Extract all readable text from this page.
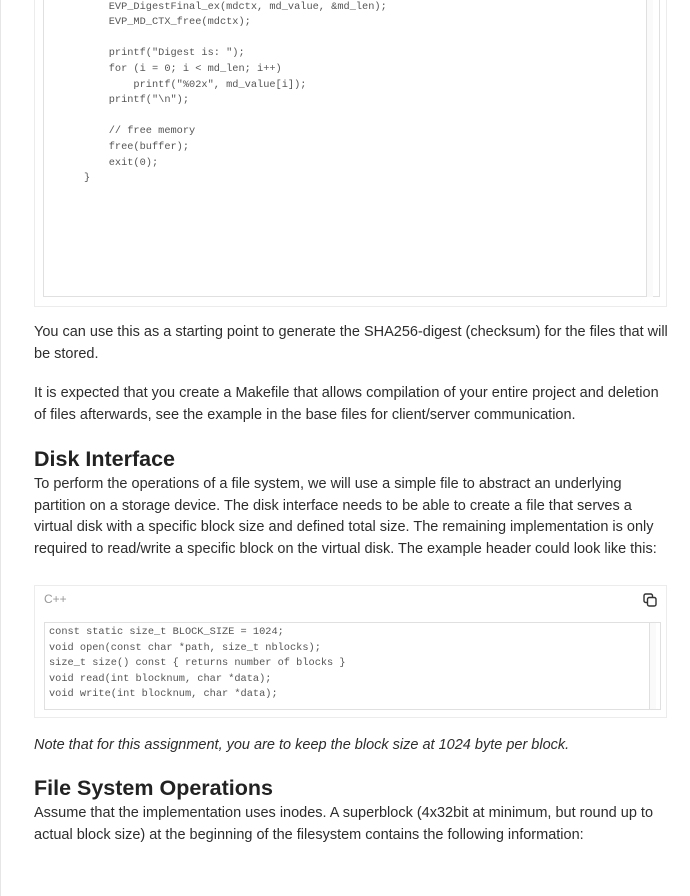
EVP_DigestFinal_ex(mdctx, md_value, &md_len);
EVP_MD_CTX_free(mdctx);

printf("Digest is: ");
for (i = 0; i < md_len; i++)
printf("%02x", md_value[i]);
printf("\n");

// free memory
free(buffer);
exit(0);
}

You can use this as a starting point to generate the SHA256-digest (checksum) for the files that will be stored.

It is expected that you create a Makefile that allows compilation of your entire project and deletion of files afterwards, see the example in the base files for client/server communication.

Disk Interface

To perform the operations of a file system, we will use a simple file to abstract an underlying partition on a storage device. The disk interface needs to be able to create a file that serves a virtual disk with a specific block size and defined total size. The remaining implementation is only required to read/write a specific block on the virtual disk. The example header could look like this:

C++
const static size_t BLOCK_SIZE = 1024;
void open(const char *path, size_t nblocks);
size_t size() const { returns number of blocks }
void read(int blocknum, char *data);
void write(int blocknum, char *data);

Note that for this assignment, you are to keep the block size at 1024 byte per block.

File System Operations

Assume that the implementation uses inodes. A superblock (4x32bit at minimum, but round up to actual block size) at the beginning of the filesystem contains the following information:
